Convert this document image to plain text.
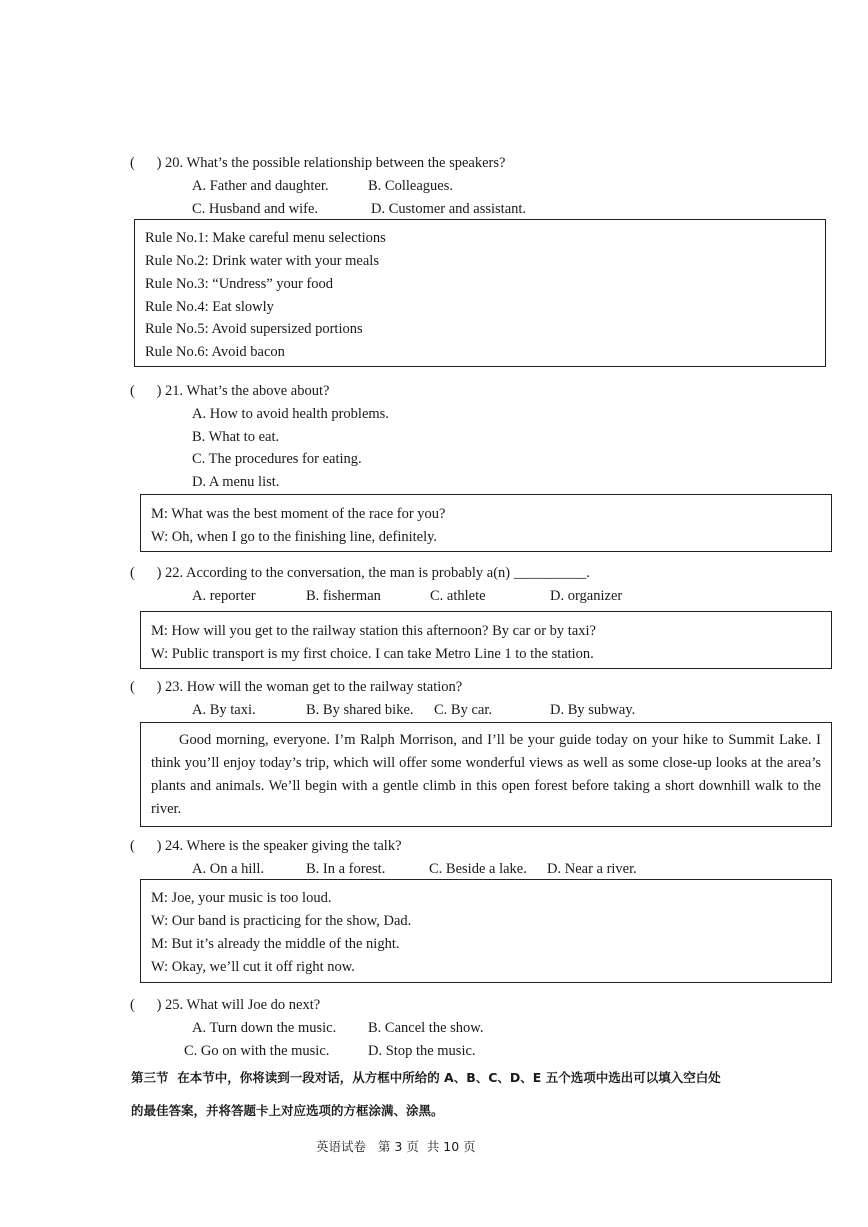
(      ) 20. What’s the possible relationship between the speakers?
A. Father and daughter.	B. Colleagues.
C. Husband and wife.	D. Customer and assistant.
Rule No.1: Make careful menu selections
Rule No.2: Drink water with your meals
Rule No.3: “Undress” your food
Rule No.4: Eat slowly
Rule No.5: Avoid supersized portions
Rule No.6: Avoid bacon
(      ) 21. What’s the above about?
A. How to avoid health problems.
B. What to eat.
C. The procedures for eating.
D. A menu list.
M: What was the best moment of the race for you?
W: Oh, when I go to the finishing line, definitely.
(      ) 22. According to the conversation, the man is probably a(n) __________.
A. reporter	B. fisherman	C. athlete	D. organizer
M: How will you get to the railway station this afternoon? By car or by taxi?
W: Public transport is my first choice. I can take Metro Line 1 to the station.
(      ) 23. How will the woman get to the railway station?
A. By taxi.	B. By shared bike. C. By car.	D. By subway.
Good morning, everyone. I’m Ralph Morrison, and I’ll be your guide today on your hike to Summit Lake. I think you’ll enjoy today’s trip, which will offer some wonderful views as well as some close-up looks at the area’s plants and animals. We’ll begin with a gentle climb in this open forest before taking a short downhill walk to the river.
(      ) 24. Where is the speaker giving the talk?
A. On a hill.	B. In a forest.	C. Beside a lake. D. Near a river.
M: Joe, your music is too loud.
W: Our band is practicing for the show, Dad.
M: But it’s already the middle of the night.
W: Okay, we’ll cut it off right now.
(      ) 25. What will Joe do next?
A. Turn down the music. B. Cancel the show.
C. Go on with the music.	D. Stop the music.
第三节  在本节中，你将读到一段对话，从方框中所给的 A、B、C、D、E 五个选项中选出可以填入空白处
的最佳答案，并将答题卡上对应选项的方框涂满、涂黑。
英语试卷   第 3 页  共 10 页
